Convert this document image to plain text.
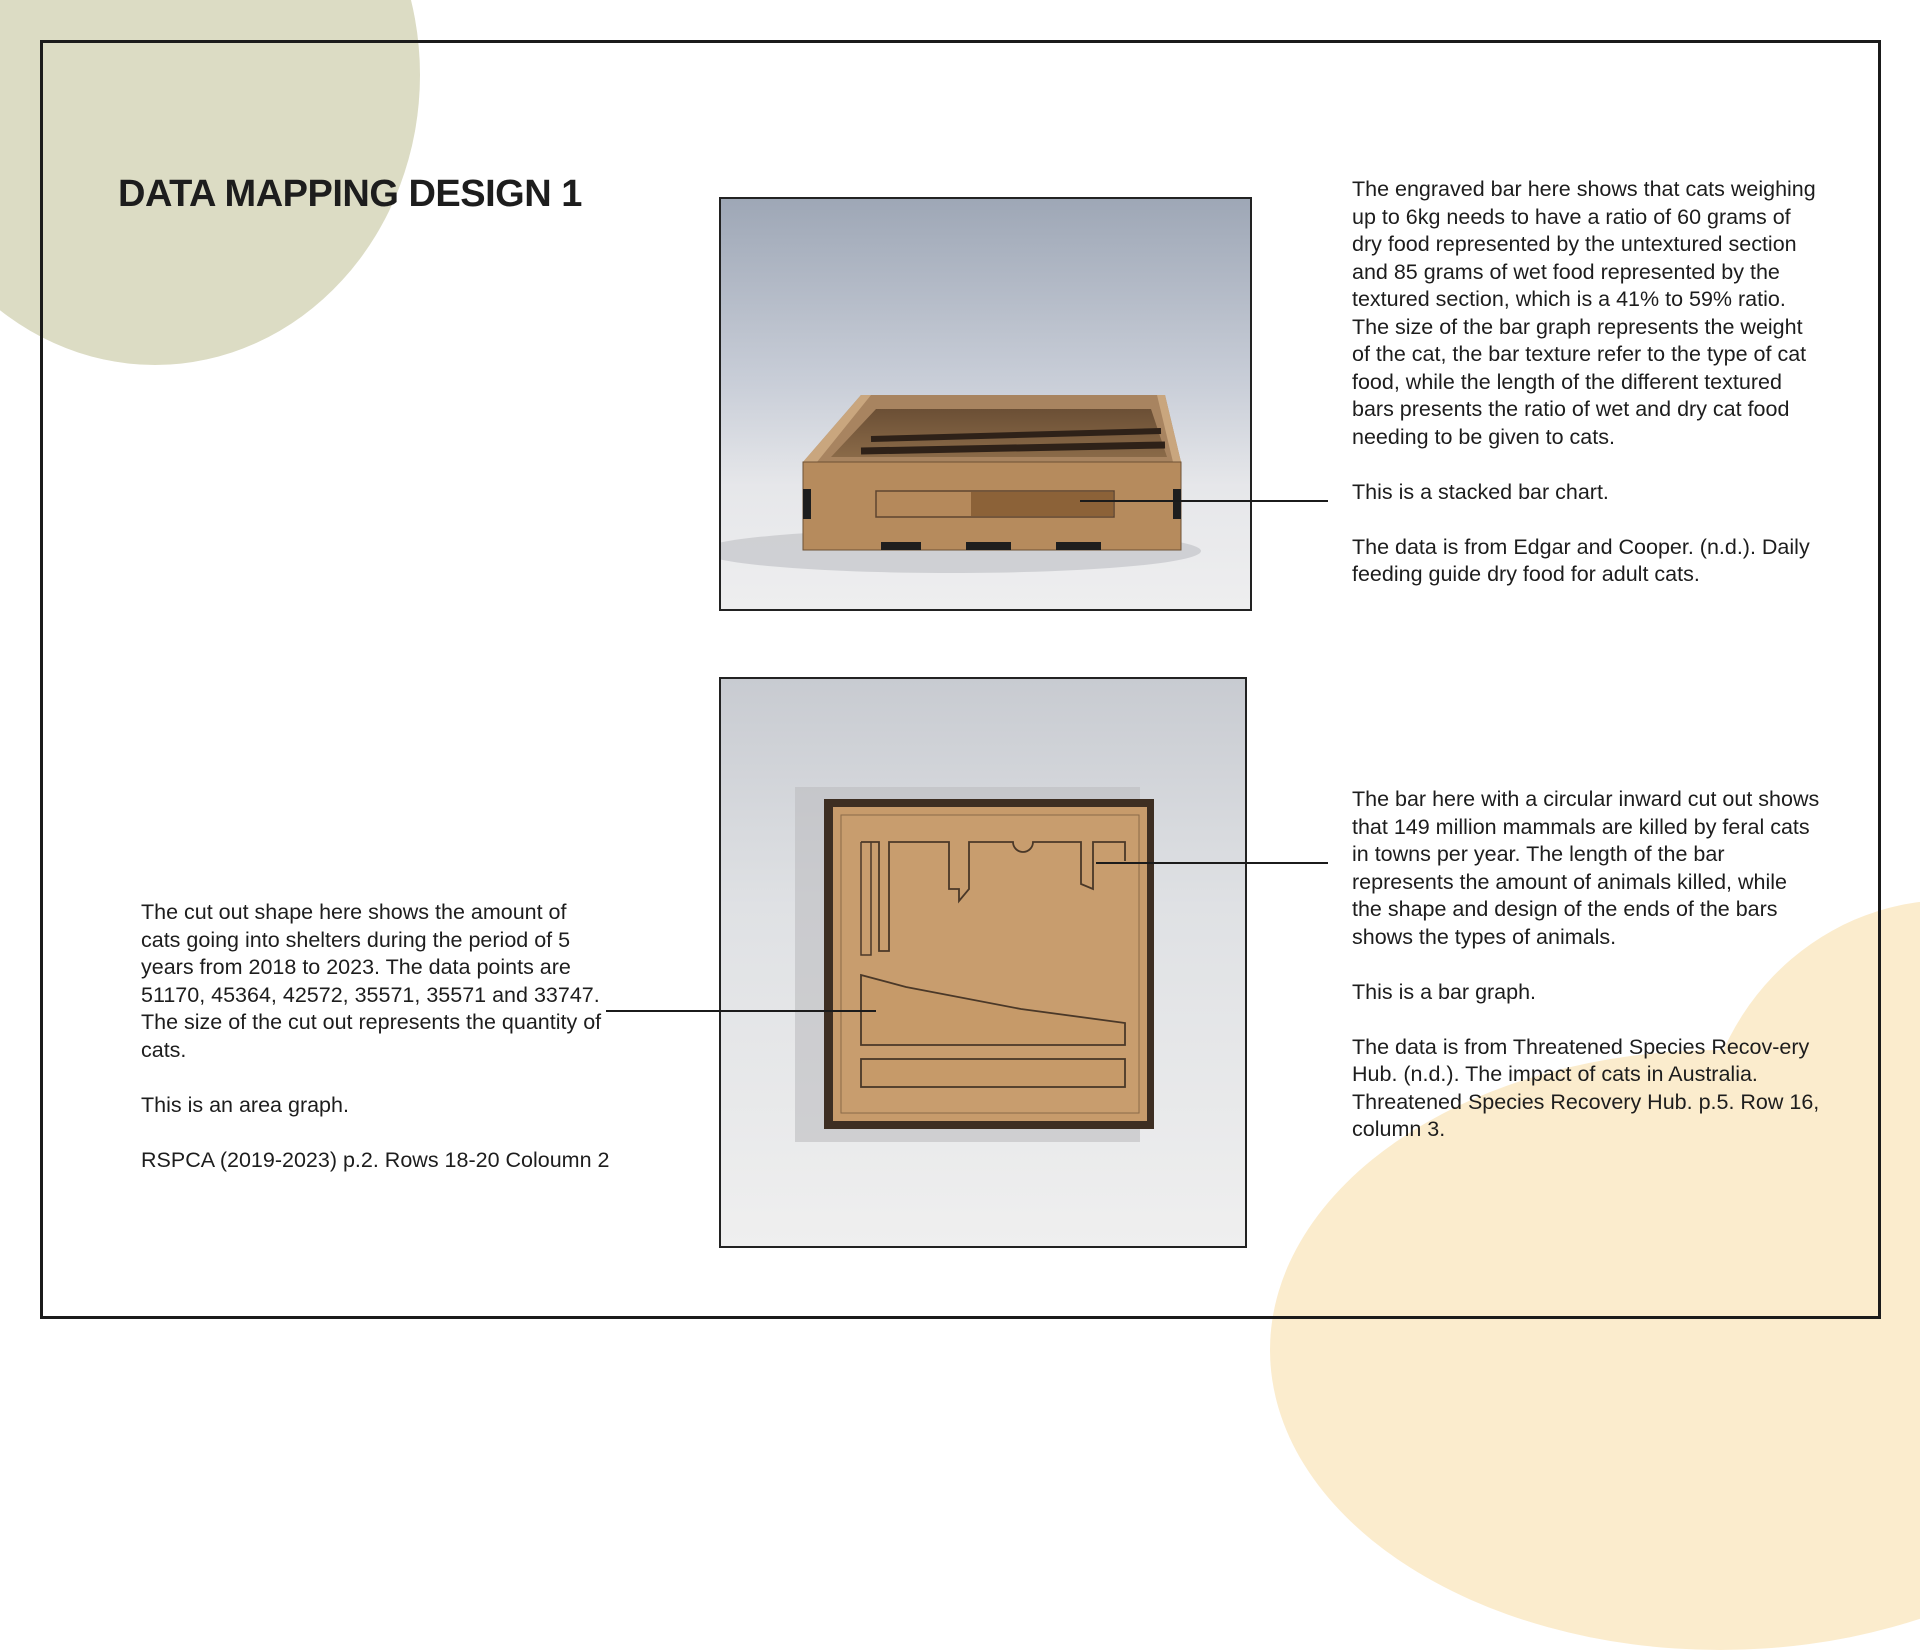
DATA MAPPING DESIGN 1	The engraved bar here shows that cats weighing up to 6kg needs to have a ratio of 60 grams of dry food represented by the untextured section and 85 grams of wet food represented by the textured section, which is a 41% to 59% ratio. The size of the bar graph represents the weight of the cat, the bar texture refer to the type of cat food, while the length of the different textured bars presents the ratio of wet and dry cat food needing to be given to cats.

This is a stacked bar chart.

The data is from Edgar and Cooper. (n.d.). Daily feeding guide dry food for adult cats.
The bar here with a circular inward cut out shows that 149 million mammals are killed by feral cats in towns per year. The length of the bar represents the amount of animals killed, while the shape and design of the ends of the bars shows the types of animals.

This is a bar graph.

The data is from Threatened Species Recov-ery Hub. (n.d.). The impact of cats in Australia. Threatened Species Recovery Hub. p.5. Row 16, column 3.
The cut out shape here shows the amount of cats going into shelters during the period of 5 years from 2018 to 2023. The data points are 51170, 45364, 42572, 35571, 35571 and 33747. The size of the cut out represents the quantity of cats.

This is an area graph.

RSPCA (2019-2023) p.2. Rows 18-20 Coloumn 2
